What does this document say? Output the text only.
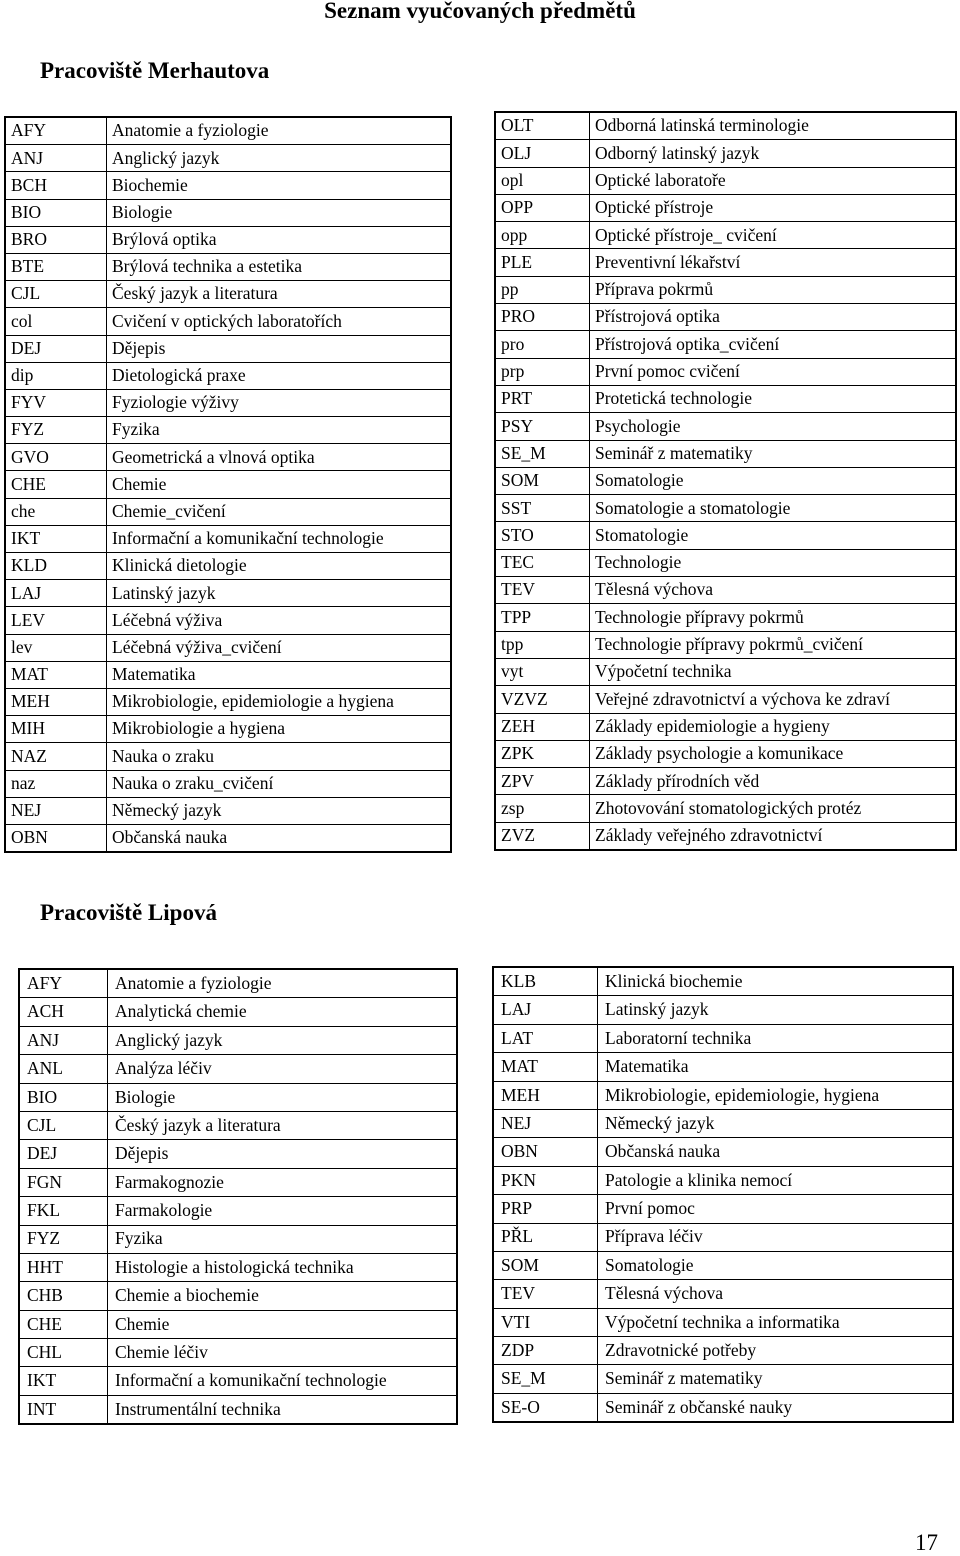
Seznam vyučovaných předmětů
Pracoviště Merhautova
AFY	Anatomie a fyziologie
ANJ	Anglický jazyk
BCH	Biochemie
BIO	Biologie
BRO	Brýlová optika
BTE	Brýlová technika a estetika
CJL	Český jazyk a literatura
col	Cvičení v optických laboratořích
DEJ	Dějepis
dip	Dietologická praxe
FYV	Fyziologie výživy
FYZ	Fyzika
GVO	Geometrická a vlnová optika
CHE	Chemie
che	Chemie_cvičení
IKT	Informační a komunikační technologie
KLD	Klinická dietologie
LAJ	Latinský jazyk
LEV	Léčebná výživa
lev	Léčebná výživa_cvičení
MAT	Matematika
MEH	Mikrobiologie, epidemiologie a hygiena
MIH	Mikrobiologie a hygiena
NAZ	Nauka o zraku
naz	Nauka o zraku_cvičení
NEJ	Německý jazyk
OBN	Občanská nauka
OLT	Odborná latinská terminologie
OLJ	Odborný latinský jazyk
opl	Optické laboratoře
OPP	Optické přístroje
opp	Optické přístroje_ cvičení
PLE	Preventivní lékařství
pp	Příprava pokrmů
PRO	Přístrojová optika
pro	Přístrojová optika_cvičení
prp	První pomoc cvičení
PRT	Protetická technologie
PSY	Psychologie
SE_M	Seminář z matematiky
SOM	Somatologie
SST	Somatologie a stomatologie
STO	Stomatologie
TEC	Technologie
TEV	Tělesná výchova
TPP	Technologie přípravy pokrmů
tpp	Technologie přípravy pokrmů_cvičení
vyt	Výpočetní technika
VZVZ	Veřejné zdravotnictví a výchova ke zdraví
ZEH	Základy epidemiologie a hygieny
ZPK	Základy psychologie a komunikace
ZPV	Základy přírodních věd
zsp	Zhotovování stomatologických protéz
ZVZ	Základy veřejného zdravotnictví
Pracoviště Lipová
AFY	Anatomie a fyziologie
ACH	Analytická chemie
ANJ	Anglický jazyk
ANL	Analýza léčiv
BIO	Biologie
CJL	Český jazyk a literatura
DEJ	Dějepis
FGN	Farmakognozie
FKL	Farmakologie
FYZ	Fyzika
HHT	Histologie a histologická technika
CHB	Chemie a biochemie
CHE	Chemie
CHL	Chemie léčiv
IKT	Informační a komunikační technologie
INT	Instrumentální technika
KLB	Klinická biochemie
LAJ	Latinský jazyk
LAT	Laboratorní technika
MAT	Matematika
MEH	Mikrobiologie, epidemiologie, hygiena
NEJ	Německý jazyk
OBN	Občanská nauka
PKN	Patologie a klinika nemocí
PRP	První pomoc
PŘL	Příprava léčiv
SOM	Somatologie
TEV	Tělesná výchova
VTI	Výpočetní technika a informatika
ZDP	Zdravotnické potřeby
SE_M	Seminář z matematiky
SE-O	Seminář z občanské nauky
17
